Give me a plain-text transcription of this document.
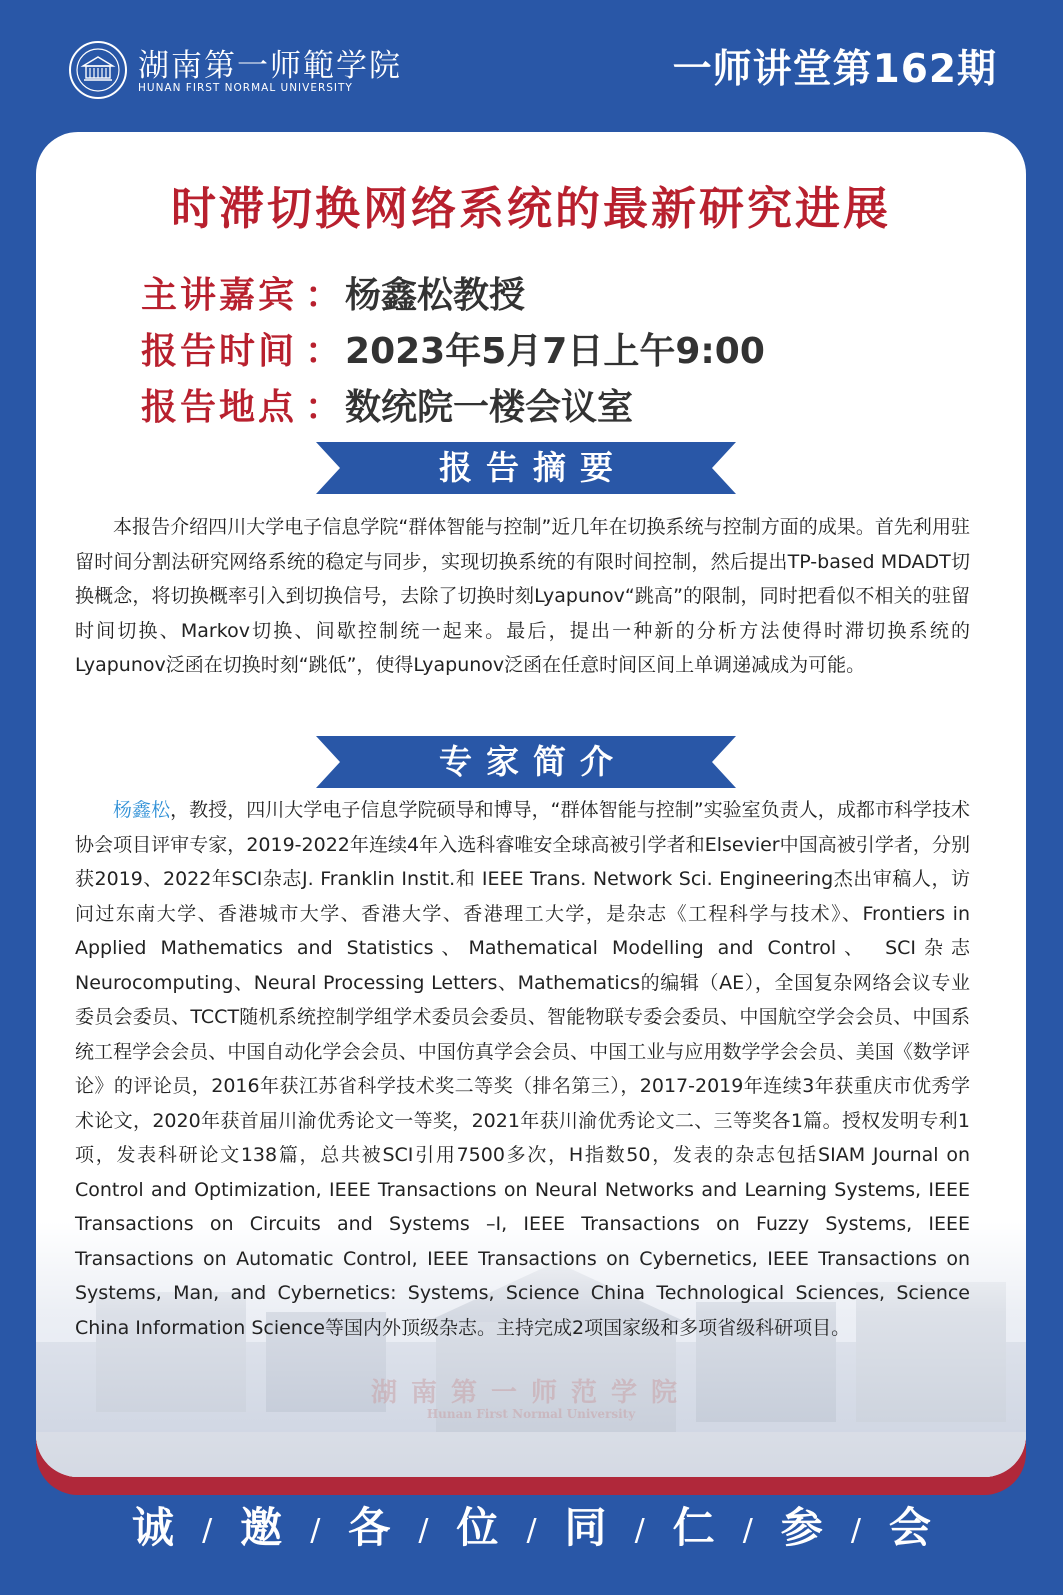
湖南第一师範学院
HUNAN FIRST NORMAL UNIVERSITY	一师讲堂第162期
湖南第一师范学院
Hunan First Normal University
时滞切换网络系统的最新研究进展
主讲嘉宾 ： 杨鑫松教授
报告时间 ： 2023年5月7日上午9:00
报告地点 ： 数统院一楼会议室
报告摘要
本报告介绍四川大学电子信息学院“群体智能与控制”近几年在切换系统与控制方面的成果。首先利用驻留时间分割法研究网络系统的稳定与同步，实现切换系统的有限时间控制，然后提出TP-based MDADT切换概念，将切换概率引入到切换信号，去除了切换时刻Lyapunov“跳高”的限制，同时把看似不相关的驻留时间切换、Markov切换、间歇控制统一起来。最后，提出一种新的分析方法使得时滞切换系统的Lyapunov泛函在切换时刻“跳低”，使得Lyapunov泛函在任意时间区间上单调递减成为可能。
专家简介
杨鑫松，教授，四川大学电子信息学院硕导和博导，“群体智能与控制”实验室负责人，成都市科学技术协会项目评审专家，2019-2022年连续4年入选科睿唯安全球高被引学者和Elsevier中国高被引学者，分别获2019、2022年SCI杂志J. Franklin Instit.和 IEEE Trans. Network Sci. Engineering杰出审稿人，访问过东南大学、香港城市大学、香港大学、香港理工大学，是杂志《工程科学与技术》、Frontiers in Applied Mathematics and Statistics、Mathematical Modelling and Control、 SCI杂志Neurocomputing、Neural Processing Letters、Mathematics的编辑（AE），全国复杂网络会议专业委员会委员、TCCT随机系统控制学组学术委员会委员、智能物联专委会委员、中国航空学会会员、中国系统工程学会会员、中国自动化学会会员、中国仿真学会会员、中国工业与应用数学学会会员、美国《数学评论》的评论员，2016年获江苏省科学技术奖二等奖（排名第三），2017-2019年连续3年获重庆市优秀学术论文，2020年获首届川渝优秀论文一等奖，2021年获川渝优秀论文二、三等奖各1篇。授权发明专利1项，发表科研论文138篇，总共被SCI引用7500多次，H指数50，发表的杂志包括SIAM Journal on Control and Optimization, IEEE Transactions on Neural Networks and Learning Systems, IEEE Transactions on Circuits and Systems –I, IEEE Transactions on Fuzzy Systems, IEEE Transactions on Automatic Control, IEEE Transactions on Cybernetics, IEEE Transactions on Systems, Man, and Cybernetics: Systems, Science China Technological Sciences, Science China Information Science等国内外顶级杂志。主持完成2项国家级和多项省级科研项目。
诚 / 邀 / 各 / 位 / 同 / 仁 / 参 / 会
